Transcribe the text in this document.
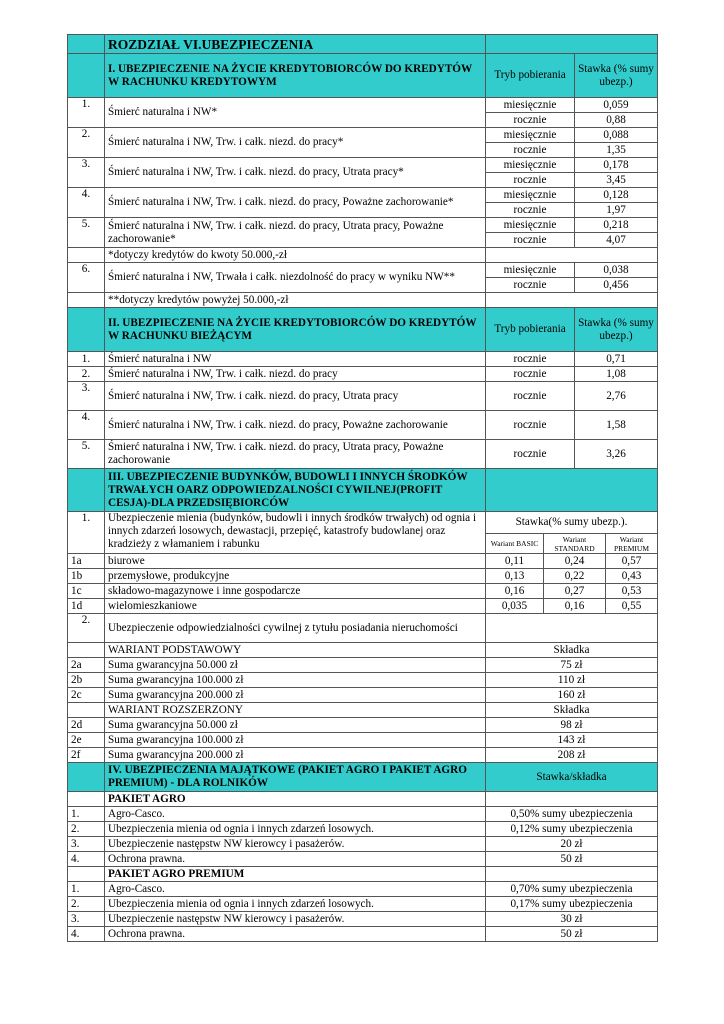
	ROZDZIAŁ VI.UBEZPIECZENIA				
	I. UBEZPIECZENIE NA ŻYCIE KREDYTOBIORCÓW DO KREDYTÓW W RACHUNKU KREDYTOWYM	Tryb pobierania		Stawka (% sumy ubezp.)	
1.	Śmierć naturalna i NW*	miesięcznie		0,059	
		rocznie		0,88	
2.	Śmierć naturalna i NW, Trw. i całk. niezd. do pracy*	miesięcznie		0,088	
		rocznie		1,35	
3.	Śmierć naturalna i NW, Trw. i całk. niezd. do pracy, Utrata pracy*	miesięcznie		0,178	
		rocznie		3,45	
4.	Śmierć naturalna i NW, Trw. i całk. niezd. do pracy, Poważne zachorowanie*	miesięcznie		0,128	
		rocznie		1,97	
5.	Śmierć naturalna i NW, Trw. i całk. niezd. do pracy, Utrata pracy, Poważne zachorowanie*	miesięcznie		0,218	
		rocznie		4,07	
	*dotyczy kredytów do kwoty 50.000,-zł				
6.	Śmierć naturalna i NW, Trwała i całk. niezdolność do pracy w wyniku NW**	miesięcznie		0,038	
		rocznie		0,456	
	**dotyczy kredytów powyżej 50.000,-zł				
	II. UBEZPIECZENIE NA ŻYCIE KREDYTOBIORCÓW DO KREDYTÓW W RACHUNKU BIEŻĄCYM	Tryb pobierania		Stawka (% sumy ubezp.)	
1.	Śmierć naturalna i NW	rocznie		0,71	
2.	Śmierć naturalna i NW, Trw. i całk. niezd. do pracy	rocznie		1,08	
3.	Śmierć naturalna i NW, Trw. i całk. niezd. do pracy, Utrata pracy	rocznie		2,76	
4.	Śmierć naturalna i NW, Trw. i całk. niezd. do pracy, Poważne zachorowanie	rocznie		1,58	
5.	Śmierć naturalna i NW, Trw. i całk. niezd. do pracy, Utrata pracy, Poważne zachorowanie	rocznie		3,26	
	III. UBEZPIECZENIE BUDYNKÓW, BUDOWLI I INNYCH ŚRODKÓW TRWAŁYCH OARZ ODPOWIEDZALNOŚCI CYWILNEJ(PROFIT CESJA)-DLA PRZEDSIĘBIORCÓW				
1.	Ubezpieczenie mienia (budynków, budowli i innych środków trwałych) od ognia i innych zdarzeń losowych, dewastacji, przepięć, katastrofy budowlanej oraz kradzieży z włamaniem i rabunku	Stawka(% sumy ubezp.).			
		Wariant BASIC	Wariant STANDARD		Wariant PREMIUM
1a	biurowe	0,11	0,24		0,57
1b	przemysłowe, produkcyjne	0,13	0,22		0,43
1c	składowo-magazynowe i inne gospodarcze	0,16	0,27		0,53
1d	wielomieszkaniowe	0,035	0,16		0,55
2.	Ubezpieczenie odpowiedzialności cywilnej z tytułu posiadania nieruchomości				
	WARIANT PODSTAWOWY	Składka			
2a	Suma gwarancyjna 50.000 zł	75 zł			
2b	Suma gwarancyjna 100.000 zł	110 zł			
2c	Suma gwarancyjna 200.000 zł	160 zł			
	WARIANT ROZSZERZONY	Składka			
2d	Suma gwarancyjna 50.000 zł	98 zł			
2e	Suma gwarancyjna 100.000 zł	143 zł			
2f	Suma gwarancyjna 200.000 zł	208 zł			
	IV. UBEZPIECZENIA MAJĄTKOWE (PAKIET AGRO I PAKIET AGRO PREMIUM) - DLA ROLNIKÓW	Stawka/składka			
	PAKIET AGRO				
1.	Agro-Casco.	0,50% sumy ubezpieczenia			
2.	Ubezpieczenia mienia od ognia i innych zdarzeń losowych.	0,12% sumy ubezpieczenia			
3.	Ubezpieczenie następstw NW kierowcy i pasażerów.	20 zł			
4.	Ochrona prawna.	50 zł			
	PAKIET AGRO PREMIUM				
1.	Agro-Casco.	0,70% sumy ubezpieczenia			
2.	Ubezpieczenia mienia od ognia i innych zdarzeń losowych.	0,17% sumy ubezpieczenia			
3.	Ubezpieczenie następstw NW kierowcy i pasażerów.	30 zł			
4.	Ochrona prawna.	50 zł			
